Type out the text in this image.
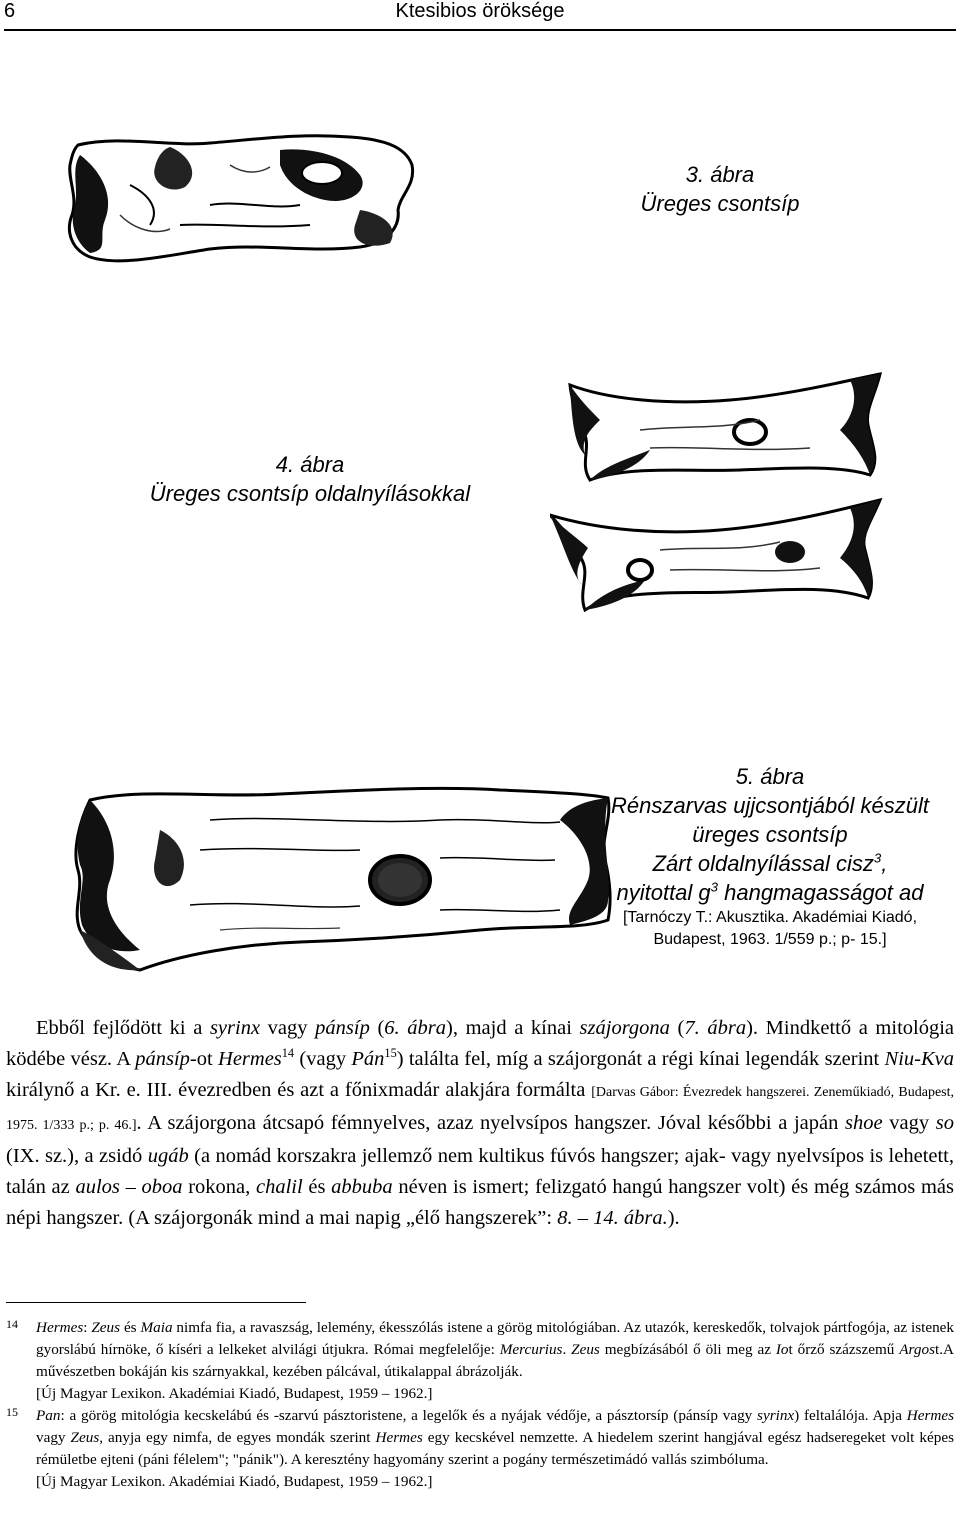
6	Ktesibios öröksége
3. ábra
Üreges csontsíp
4. ábra
Üreges csontsíp oldalnyílásokkal
5. ábra
Rénszarvas ujjcsontjából készült
üreges csontsíp
Zárt oldalnyílással cisz$^3$,
nyitottal $g^3$ hangmagasságot ad
[Tarnóczy T.: Akusztika. Akadémiai Kiadó,
Budapest, 1963. 1/559 p.; p- 15.]
Ebből fejlődött ki a syrinx vagy pánsíp (6. ábra), majd a kínai szájorgona (7. ábra). Mindkettő a mitológia ködébe vész. A pánsíp-ot Hermes$^{14}$ (vagy Pán$^{15}$) találta fel, míg a szájorgonát a régi kínai legendák szerint Niu-Kva királynő a Kr. e. III. évezredben és azt a főnixmadár alakjára formálta [Darvas Gábor: Évezredek hangszerei. Zeneműkiadó, Budapest, 1975. 1/333 p.; p. 46.]. A szájorgona átcsapó fémnyelves, azaz nyelvsípos hangszer. Jóval későbbi a japán shoe vagy so (IX. sz.), a zsidó ugáb (a nomád korszakra jellemző nem kultikus fúvós hangszer; ajak- vagy nyelvsípos is lehetett, talán az aulos – oboa rokona, chalil és abbuba néven is ismert; felizgató hangú hangszer volt) és még számos más népi hangszer. (A szájorgonák mind a mai napig „élő hangszerek”: 8. – 14. ábra.).
14 Hermes: Zeus és Maia nimfa fia, a ravaszság, lelemény, ékesszólás istene a görög mitológiában. Az utazók, kereskedők, tolvajok pártfogója, az istenek gyorslábú hírnöke, ő kíséri a lelkeket alvilági útjukra. Római megfelelője: Mercurius. Zeus megbízásából ő öli meg az Iot őrző százszemű Argost.A művészetben bokáján kis szárnyakkal, kezében pálcával, útikalappal ábrázolják.
[Új Magyar Lexikon. Akadémiai Kiadó, Budapest, 1959 – 1962.]
15 Pan: a görög mitológia kecskelábú és -szarvú pásztoristene, a legelők és a nyájak védője, a pásztorsíp (pánsíp vagy syrinx) feltalálója. Apja Hermes vagy Zeus, anyja egy nimfa, de egyes mondák szerint Hermes egy kecskével nemzette. A hiedelem szerint hangjával egész hadseregeket volt képes rémületbe ejteni (páni félelem"; "pánik"). A keresztény hagyomány szerint a pogány természetimádó vallás szimbóluma.
[Új Magyar Lexikon. Akadémiai Kiadó, Budapest, 1959 – 1962.]
